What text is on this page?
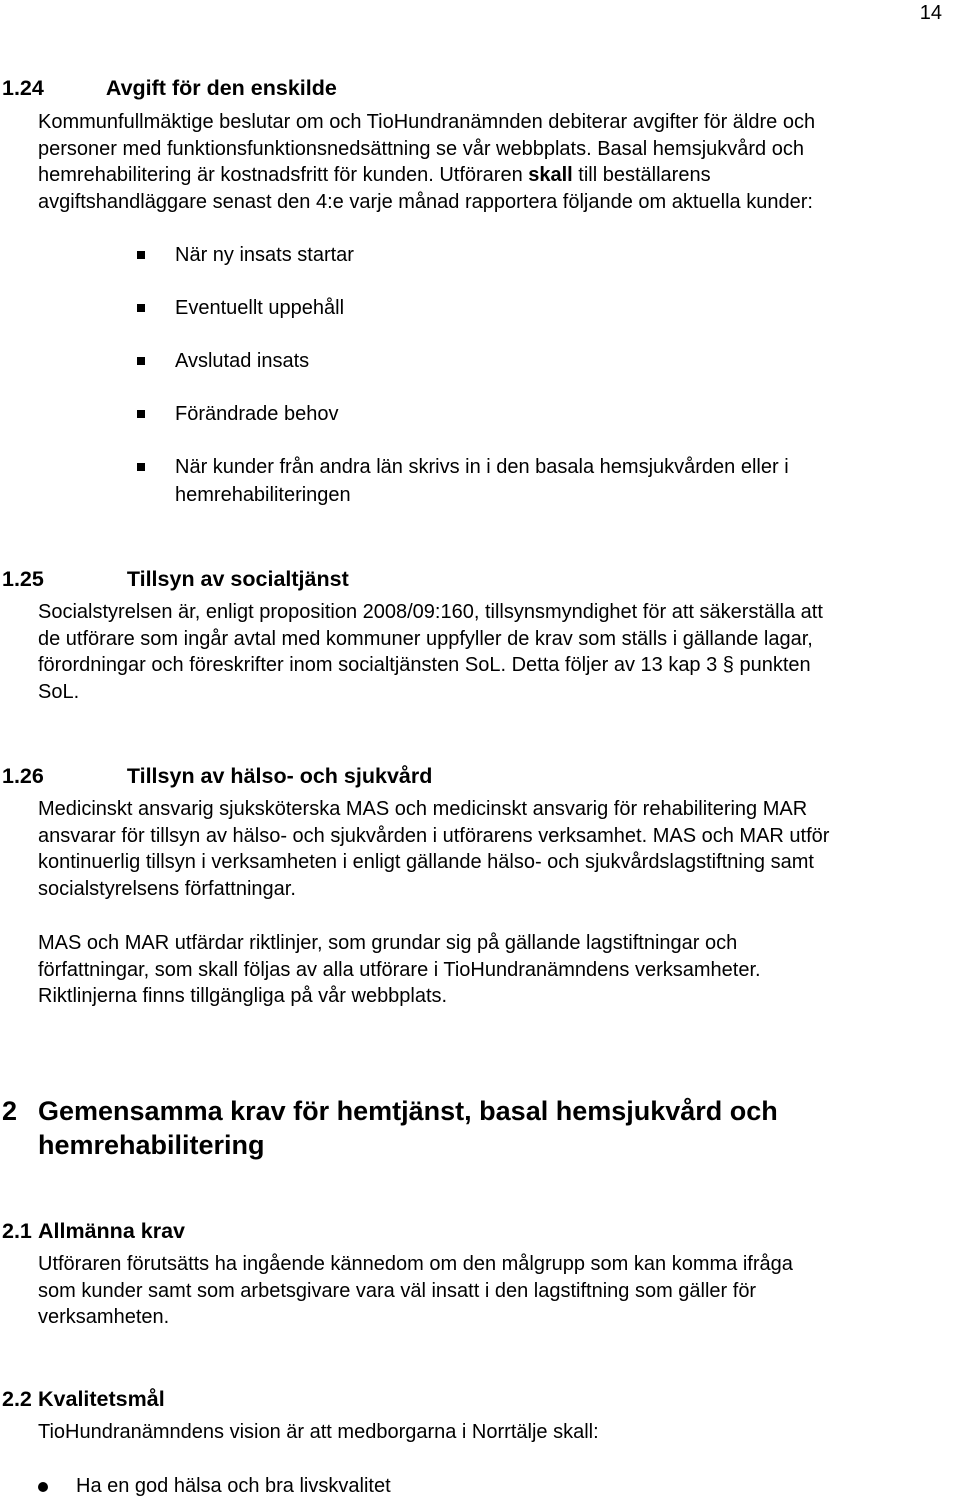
14
1.24	Avgift för den enskilde
Kommunfullmäktige beslutar om och TioHundranämnden debiterar avgifter för äldre och
personer med funktionsfunktionsnedsättning se vår webbplats. Basal hemsjukvård och
hemrehabilitering är kostnadsfritt för kunden. Utföraren skall till beställarens
avgiftshandläggare senast den 4:e varje månad rapportera följande om aktuella kunder:
När ny insats startar
Eventuellt uppehåll
Avslutad insats
Förändrade behov
När kunder från andra län skrivs in i den basala hemsjukvården eller i
hemrehabiliteringen
1.25	Tillsyn av socialtjänst
Socialstyrelsen är, enligt proposition 2008/09:160, tillsynsmyndighet för att säkerställa att
de utförare som ingår avtal med kommuner uppfyller de krav som ställs i gällande lagar,
förordningar och föreskrifter inom socialtjänsten SoL. Detta följer av 13 kap 3 § punkten
SoL.
1.26	Tillsyn av hälso- och sjukvård
Medicinskt ansvarig sjuksköterska MAS och medicinskt ansvarig för rehabilitering MAR
ansvarar för tillsyn av hälso- och sjukvården i utförarens verksamhet. MAS och MAR utför
kontinuerlig tillsyn i verksamheten i enligt gällande hälso- och sjukvårdslagstiftning samt
socialstyrelsens författningar.
MAS och MAR utfärdar riktlinjer, som grundar sig på gällande lagstiftningar och
författningar, som skall följas av alla utförare i TioHundranämndens verksamheter.
Riktlinjerna finns tillgängliga på vår webbplats.
2 Gemensamma krav för hemtjänst, basal hemsjukvård och
hemrehabilitering
2.1 Allmänna krav
Utföraren förutsätts ha ingående kännedom om den målgrupp som kan komma ifråga
som kunder samt som arbetsgivare vara väl insatt i den lagstiftning som gäller för
verksamheten.
2.2 Kvalitetsmål
TioHundranämndens vision är att medborgarna i Norrtälje skall:
Ha en god hälsa och bra livskvalitet
